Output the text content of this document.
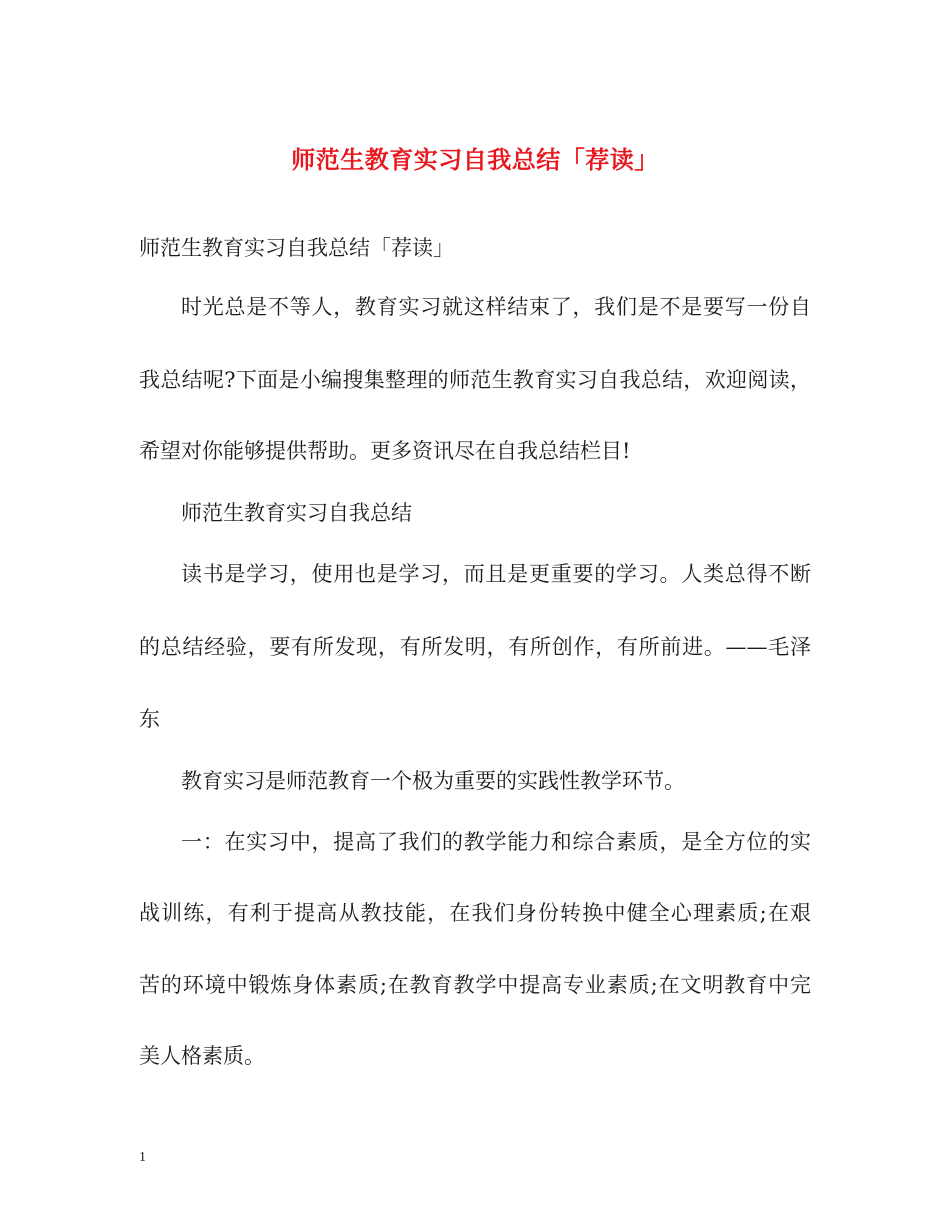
师范生教育实习自我总结「荐读」
师范生教育实习自我总结「荐读」
时光总是不等人，教育实习就这样结束了，我们是不是要写一份自
我总结呢?下面是小编搜集整理的师范生教育实习自我总结，欢迎阅读，
希望对你能够提供帮助。更多资讯尽在自我总结栏目!
师范生教育实习自我总结
读书是学习，使用也是学习，而且是更重要的学习。人类总得不断
的总结经验，要有所发现，有所发明，有所创作，有所前进。——毛泽
东
教育实习是师范教育一个极为重要的实践性教学环节。
一：在实习中，提高了我们的教学能力和综合素质，是全方位的实
战训练，有利于提高从教技能，在我们身份转换中健全心理素质;在艰
苦的环境中锻炼身体素质;在教育教学中提高专业素质;在文明教育中完
美人格素质。
1
